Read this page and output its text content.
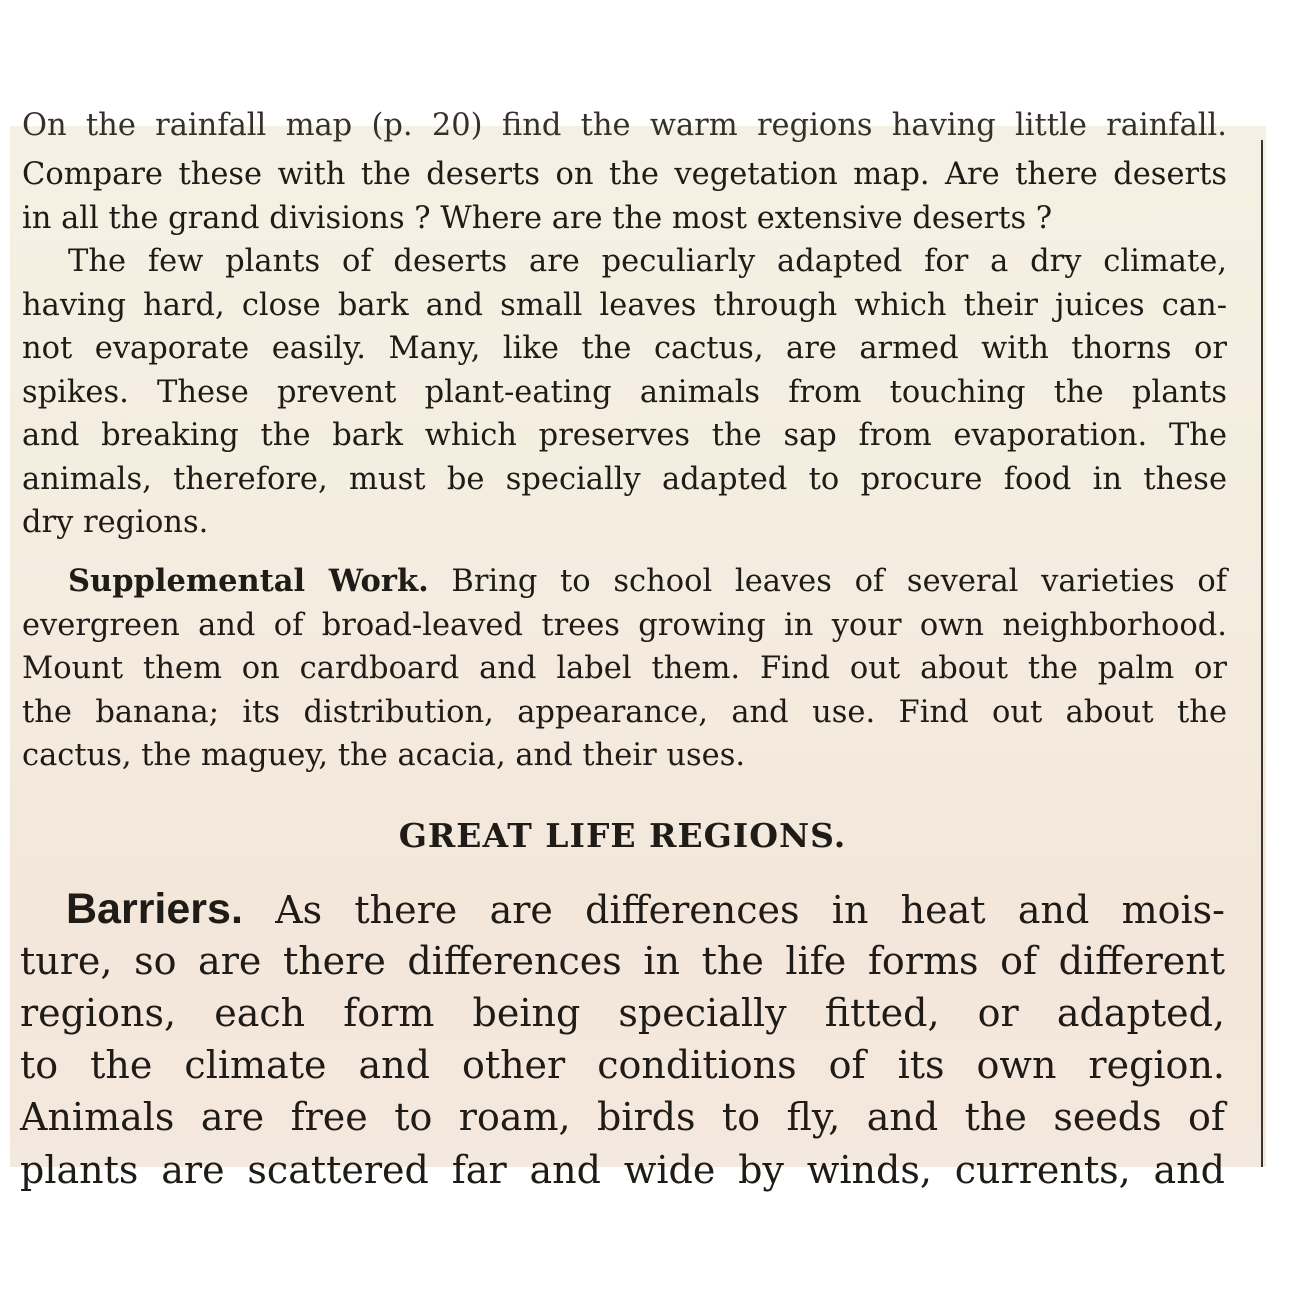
On the rainfall map (p. 20) find the warm regions having little rainfall.
Compare these with the deserts on the vegetation map. Are there deserts
in all the grand divisions ? Where are the most extensive deserts ?
The few plants of deserts are peculiarly adapted for a dry climate,
having hard, close bark and small leaves through which their juices can-
not evaporate easily. Many, like the cactus, are armed with thorns or
spikes. These prevent plant-eating animals from touching the plants
and breaking the bark which preserves the sap from evaporation. The
animals, therefore, must be specially adapted to procure food in these
dry regions.
Supplemental Work. Bring to school leaves of several varieties of
evergreen and of broad-leaved trees growing in your own neighborhood.
Mount them on cardboard and label them. Find out about the palm or
the banana; its distribution, appearance, and use. Find out about the
cactus, the maguey, the acacia, and their uses.
GREAT LIFE REGIONS.
Barriers. As there are differences in heat and mois-
ture, so are there differences in the life forms of different
regions, each form being specially fitted, or adapted,
to the climate and other conditions of its own region.
Animals are free to roam, birds to fly, and the seeds of
plants are scattered far and wide by winds, currents, and
